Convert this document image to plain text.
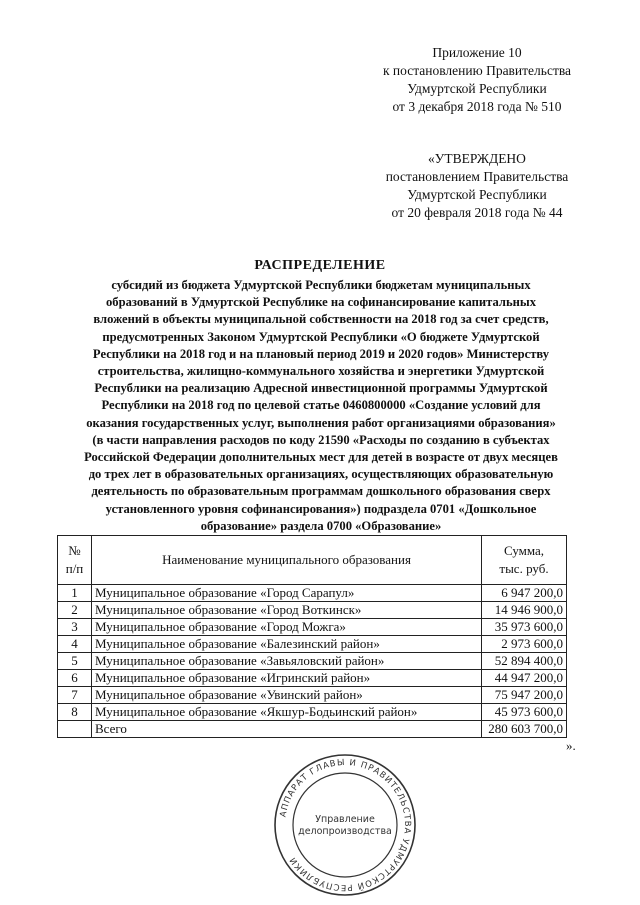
Приложение 10
к постановлению Правительства
Удмуртской Республики
от 3 декабря 2018 года № 510
«УТВЕРЖДЕНО
постановлением Правительства
Удмуртской Республики
от 20 февраля 2018 года № 44
РАСПРЕДЕЛЕНИЕ
субсидий из бюджета Удмуртской Республики бюджетам муниципальных
образований в Удмуртской Республике на софинансирование капитальных
вложений в объекты муниципальной собственности на 2018 год за счет средств,
предусмотренных Законом Удмуртской Республики «О бюджете Удмуртской
Республики на 2018 год и на плановый период 2019 и 2020 годов» Министерству
строительства, жилищно-коммунального хозяйства и энергетики Удмуртской
Республики на реализацию Адресной инвестиционной программы Удмуртской
Республики на 2018 год по целевой статье 0460800000 «Создание условий для
оказания государственных услуг, выполнения работ организациями образования»
(в части направления расходов по коду 21590 «Расходы по созданию в субъектах
Российской Федерации дополнительных мест для детей в возрасте от двух месяцев
до трех лет в образовательных организациях, осуществляющих образовательную
деятельность по образовательным программам дошкольного образования сверх
установленного уровня софинансирования») подраздела 0701 «Дошкольное
образование» раздела 0700 «Образование»
№
п/п	Наименование муниципального образования	Сумма,
тыс. руб.
1	Муниципальное образование «Город Сарапул»	6 947 200,0
2	Муниципальное образование «Город Воткинск»	14 946 900,0
3	Муниципальное образование «Город Можга»	35 973 600,0
4	Муниципальное образование «Балезинский район»	2 973 600,0
5	Муниципальное образование «Завьяловский район»	52 894 400,0
6	Муниципальное образование «Игринский район»	44 947 200,0
7	Муниципальное образование «Увинский район»	75 947 200,0
8	Муниципальное образование «Якшур-Бодьинский район»	45 973 600,0
	Всего	280 603 700,0
».
АППАРАТ ГЛАВЫ И ПРАВИТЕЛЬСТВА УДМУРТСКОЙ РЕСПУБЛИКИ
Управление
делопроизводства
